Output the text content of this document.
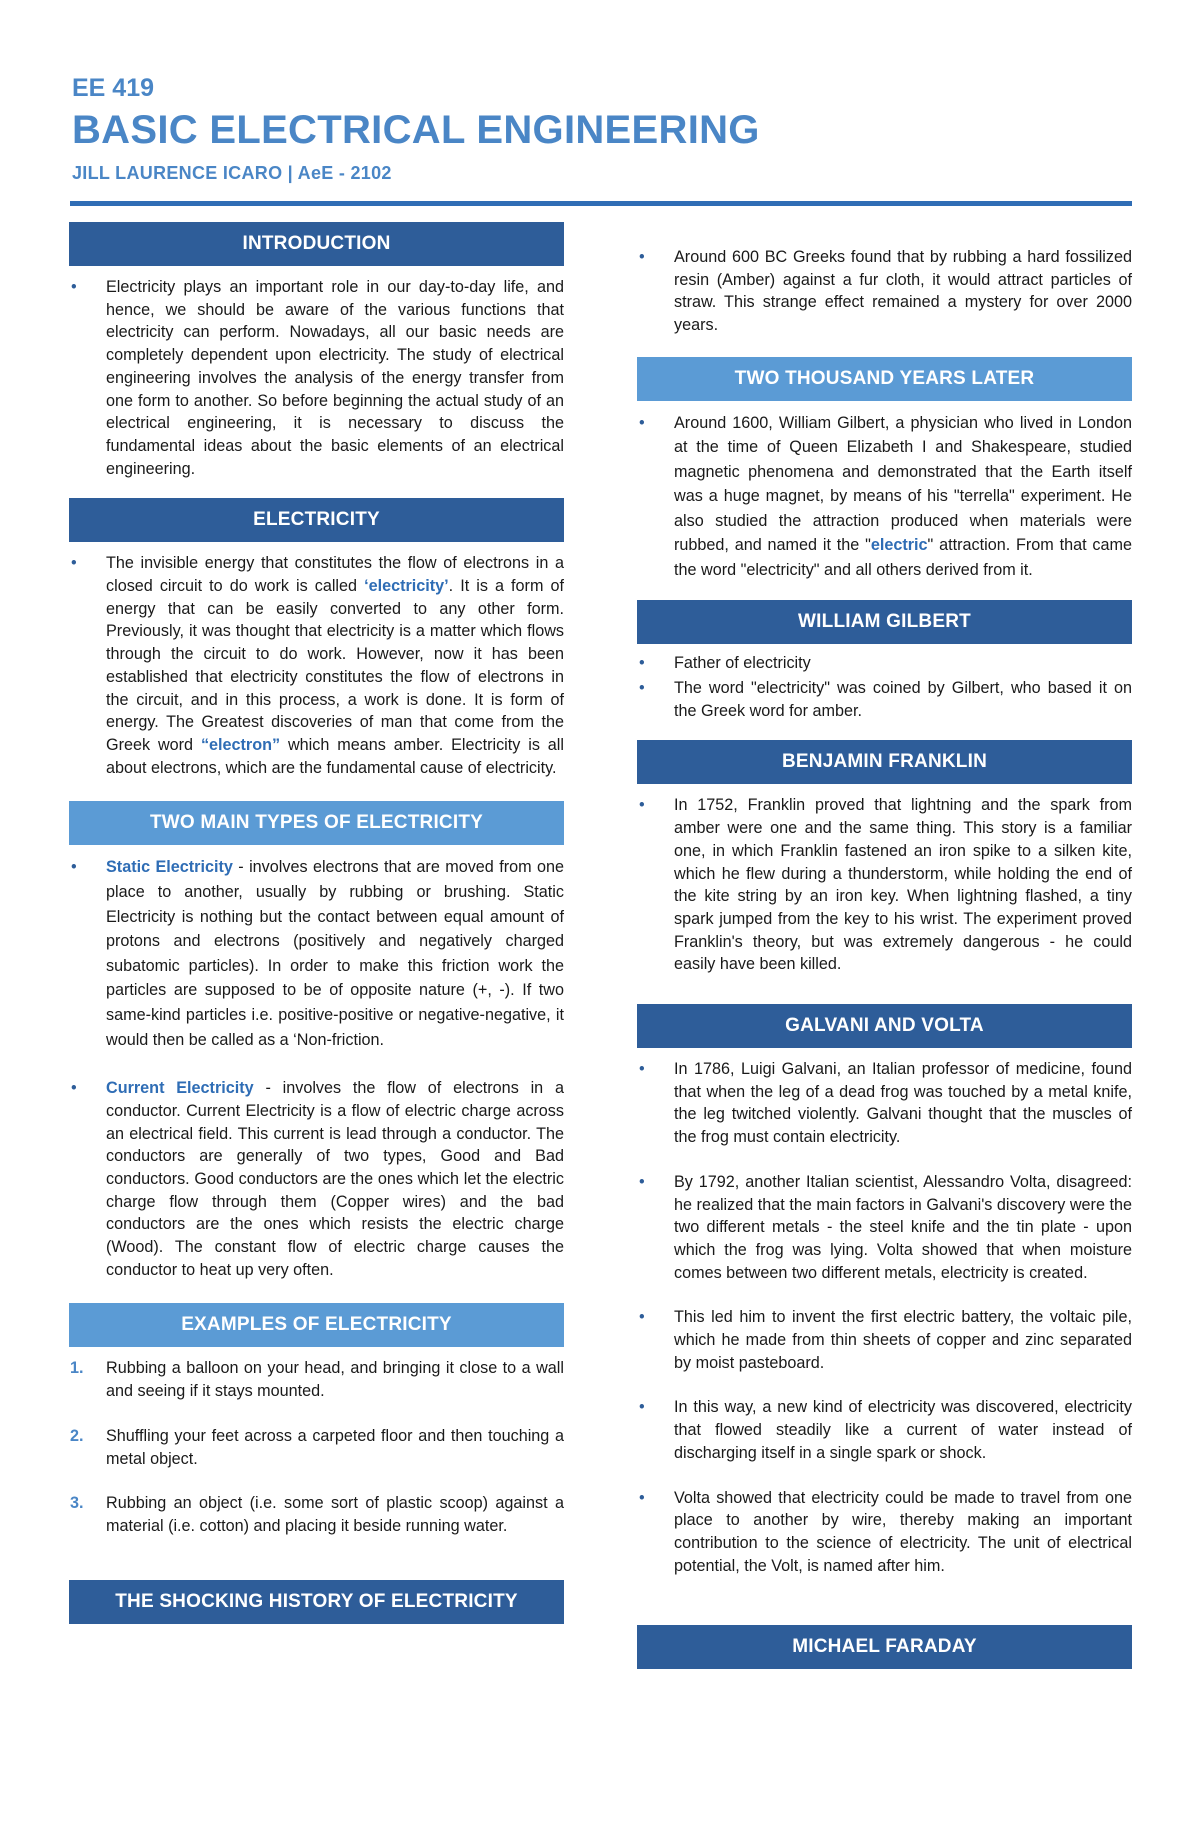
EE 419

BASIC ELECTRICAL ENGINEERING

JILL LAURENCE ICARO | AeE - 2102

INTRODUCTION
• Electricity plays an important role in our day-to-day life, and hence, we should be aware of the various functions that electricity can perform. Nowadays, all our basic needs are completely dependent upon electricity. The study of electrical engineering involves the analysis of the energy transfer from one form to another. So before beginning the actual study of an electrical engineering, it is necessary to discuss the fundamental ideas about the basic elements of an electrical engineering.
ELECTRICITY
• The invisible energy that constitutes the flow of electrons in a closed circuit to do work is called ‘electricity’. It is a form of energy that can be easily converted to any other form. Previously, it was thought that electricity is a matter which flows through the circuit to do work. However, now it has been established that electricity constitutes the flow of electrons in the circuit, and in this process, a work is done. It is form of energy. The Greatest discoveries of man that come from the Greek word “electron” which means amber. Electricity is all about electrons, which are the fundamental cause of electricity.
TWO MAIN TYPES OF ELECTRICITY
• Static Electricity - involves electrons that are moved from one place to another, usually by rubbing or brushing. Static Electricity is nothing but the contact between equal amount of protons and electrons (positively and negatively charged subatomic particles). In order to make this friction work the particles are supposed to be of opposite nature (+, -). If two same-kind particles i.e. positive-positive or negative-negative, it would then be called as a ‘Non-friction.
• Current Electricity - involves the flow of electrons in a conductor. Current Electricity is a flow of electric charge across an electrical field. This current is lead through a conductor. The conductors are generally of two types, Good and Bad conductors. Good conductors are the ones which let the electric charge flow through them (Copper wires) and the bad conductors are the ones which resists the electric charge (Wood). The constant flow of electric charge causes the conductor to heat up very often.
EXAMPLES OF ELECTRICITY
1. Rubbing a balloon on your head, and bringing it close to a wall and seeing if it stays mounted.
2. Shuffling your feet across a carpeted floor and then touching a metal object.
3. Rubbing an object (i.e. some sort of plastic scoop) against a material (i.e. cotton) and placing it beside running water.
THE SHOCKING HISTORY OF ELECTRICITY
• Around 600 BC Greeks found that by rubbing a hard fossilized resin (Amber) against a fur cloth, it would attract particles of straw. This strange effect remained a mystery for over 2000 years.
TWO THOUSAND YEARS LATER
• Around 1600, William Gilbert, a physician who lived in London at the time of Queen Elizabeth I and Shakespeare, studied magnetic phenomena and demonstrated that the Earth itself was a huge magnet, by means of his "terrella" experiment. He also studied the attraction produced when materials were rubbed, and named it the "electric" attraction. From that came the word "electricity" and all others derived from it.
WILLIAM GILBERT
• Father of electricity
• The word "electricity" was coined by Gilbert, who based it on the Greek word for amber.
BENJAMIN FRANKLIN
• In 1752, Franklin proved that lightning and the spark from amber were one and the same thing. This story is a familiar one, in which Franklin fastened an iron spike to a silken kite, which he flew during a thunderstorm, while holding the end of the kite string by an iron key. When lightning flashed, a tiny spark jumped from the key to his wrist. The experiment proved Franklin's theory, but was extremely dangerous - he could easily have been killed.
GALVANI AND VOLTA
• In 1786, Luigi Galvani, an Italian professor of medicine, found that when the leg of a dead frog was touched by a metal knife, the leg twitched violently. Galvani thought that the muscles of the frog must contain electricity.
• By 1792, another Italian scientist, Alessandro Volta, disagreed: he realized that the main factors in Galvani's discovery were the two different metals - the steel knife and the tin plate - upon which the frog was lying. Volta showed that when moisture comes between two different metals, electricity is created.
• This led him to invent the first electric battery, the voltaic pile, which he made from thin sheets of copper and zinc separated by moist pasteboard.
• In this way, a new kind of electricity was discovered, electricity that flowed steadily like a current of water instead of discharging itself in a single spark or shock.
• Volta showed that electricity could be made to travel from one place to another by wire, thereby making an important contribution to the science of electricity. The unit of electrical potential, the Volt, is named after him.
MICHAEL FARADAY
